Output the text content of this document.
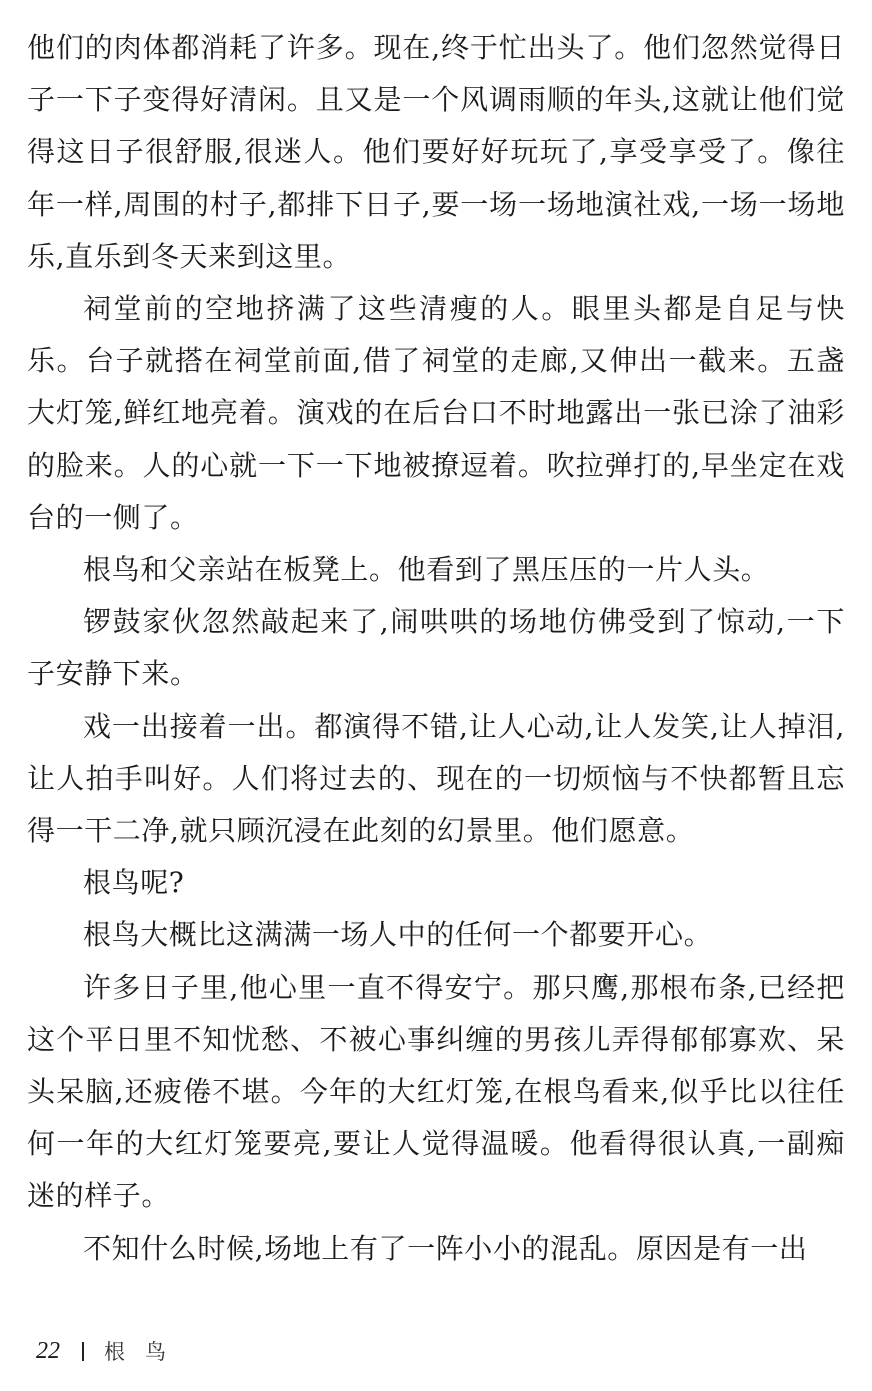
他们的肉体都消耗了许多。现在,终于忙出头了。他们忽然觉得日子一下子变得好清闲。且又是一个风调雨顺的年头,这就让他们觉得这日子很舒服,很迷人。他们要好好玩玩了,享受享受了。像往年一样,周围的村子,都排下日子,要一场一场地演社戏,一场一场地乐,直乐到冬天来到这里。

祠堂前的空地挤满了这些清瘦的人。眼里头都是自足与快乐。台子就搭在祠堂前面,借了祠堂的走廊,又伸出一截来。五盏大灯笼,鲜红地亮着。演戏的在后台口不时地露出一张已涂了油彩的脸来。人的心就一下一下地被撩逗着。吹拉弹打的,早坐定在戏台的一侧了。

根鸟和父亲站在板凳上。他看到了黑压压的一片人头。

锣鼓家伙忽然敲起来了,闹哄哄的场地仿佛受到了惊动,一下子安静下来。

戏一出接着一出。都演得不错,让人心动,让人发笑,让人掉泪,让人拍手叫好。人们将过去的、现在的一切烦恼与不快都暂且忘得一干二净,就只顾沉浸在此刻的幻景里。他们愿意。

根鸟呢?

根鸟大概比这满满一场人中的任何一个都要开心。

许多日子里,他心里一直不得安宁。那只鹰,那根布条,已经把这个平日里不知忧愁、不被心事纠缠的男孩儿弄得郁郁寡欢、呆头呆脑,还疲倦不堪。今年的大红灯笼,在根鸟看来,似乎比以往任何一年的大红灯笼要亮,要让人觉得温暖。他看得很认真,一副痴迷的样子。

不知什么时候,场地上有了一阵小小的混乱。原因是有一出

22 根鸟
